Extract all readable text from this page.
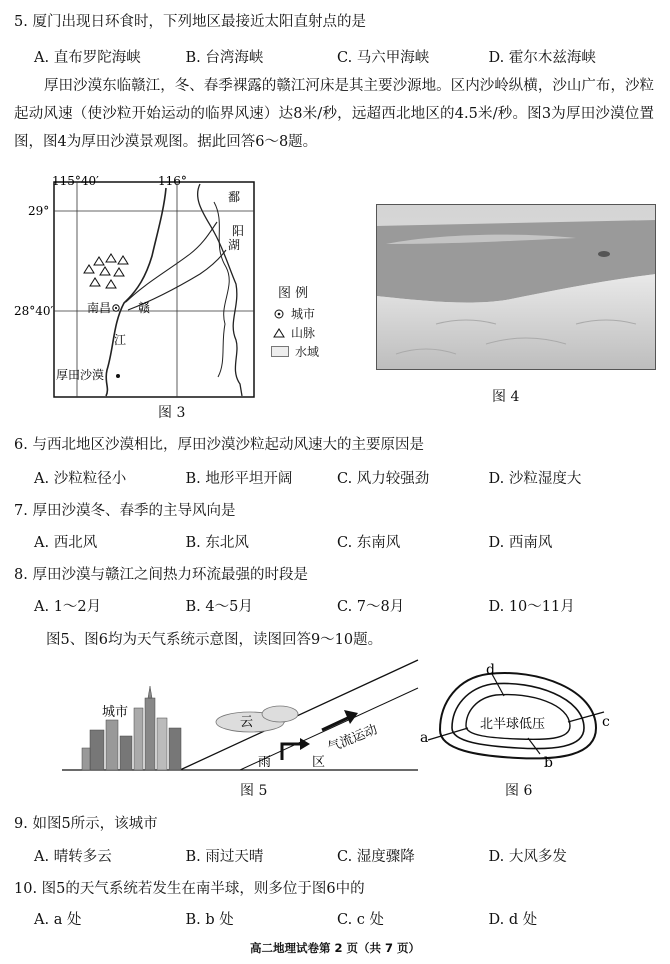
5. 厦门出现日环食时，下列地区最接近太阳直射点的是
A. 直布罗陀海峡	B. 台湾海峡	C. 马六甲海峡	D. 霍尔木兹海峡
厚田沙漠东临赣江，冬、春季裸露的赣江河床是其主要沙源地。区内沙岭纵横，沙山广布，沙粒起动风速（使沙粒开始运动的临界风速）达8米/秒，远超西北地区的4.5米/秒。图3为厚田沙漠位置图，图4为厚田沙漠景观图。据此回答6～8题。
115°40′	116°
29°
28°40′
鄱
阳
湖
南昌 赣
江
厚田沙漠
图 3
图 例
城市
山脉
水域
图 4
6. 与西北地区沙漠相比，厚田沙漠沙粒起动风速大的主要原因是
A. 沙粒粒径小	B. 地形平坦开阔	C. 风力较强劲	D. 沙粒湿度大
7. 厚田沙漠冬、春季的主导风向是
A. 西北风	B. 东北风	C. 东南风	D. 西南风
8. 厚田沙漠与赣江之间热力环流最强的时段是
A. 1～2月	B. 4～5月	C. 7～8月	D. 10～11月
图5、图6均为天气系统示意图，读图回答9～10题。
城市
云
雨	区
气流运动
图 5
a
b
c
d
北半球低压
图 6
9. 如图5所示，该城市
A. 晴转多云	B. 雨过天晴	C. 湿度骤降	D. 大风多发
10. 图5的天气系统若发生在南半球，则多位于图6中的
A. a 处	B. b 处	C. c 处	D. d 处
高二地理试卷第 2 页（共 7 页）
